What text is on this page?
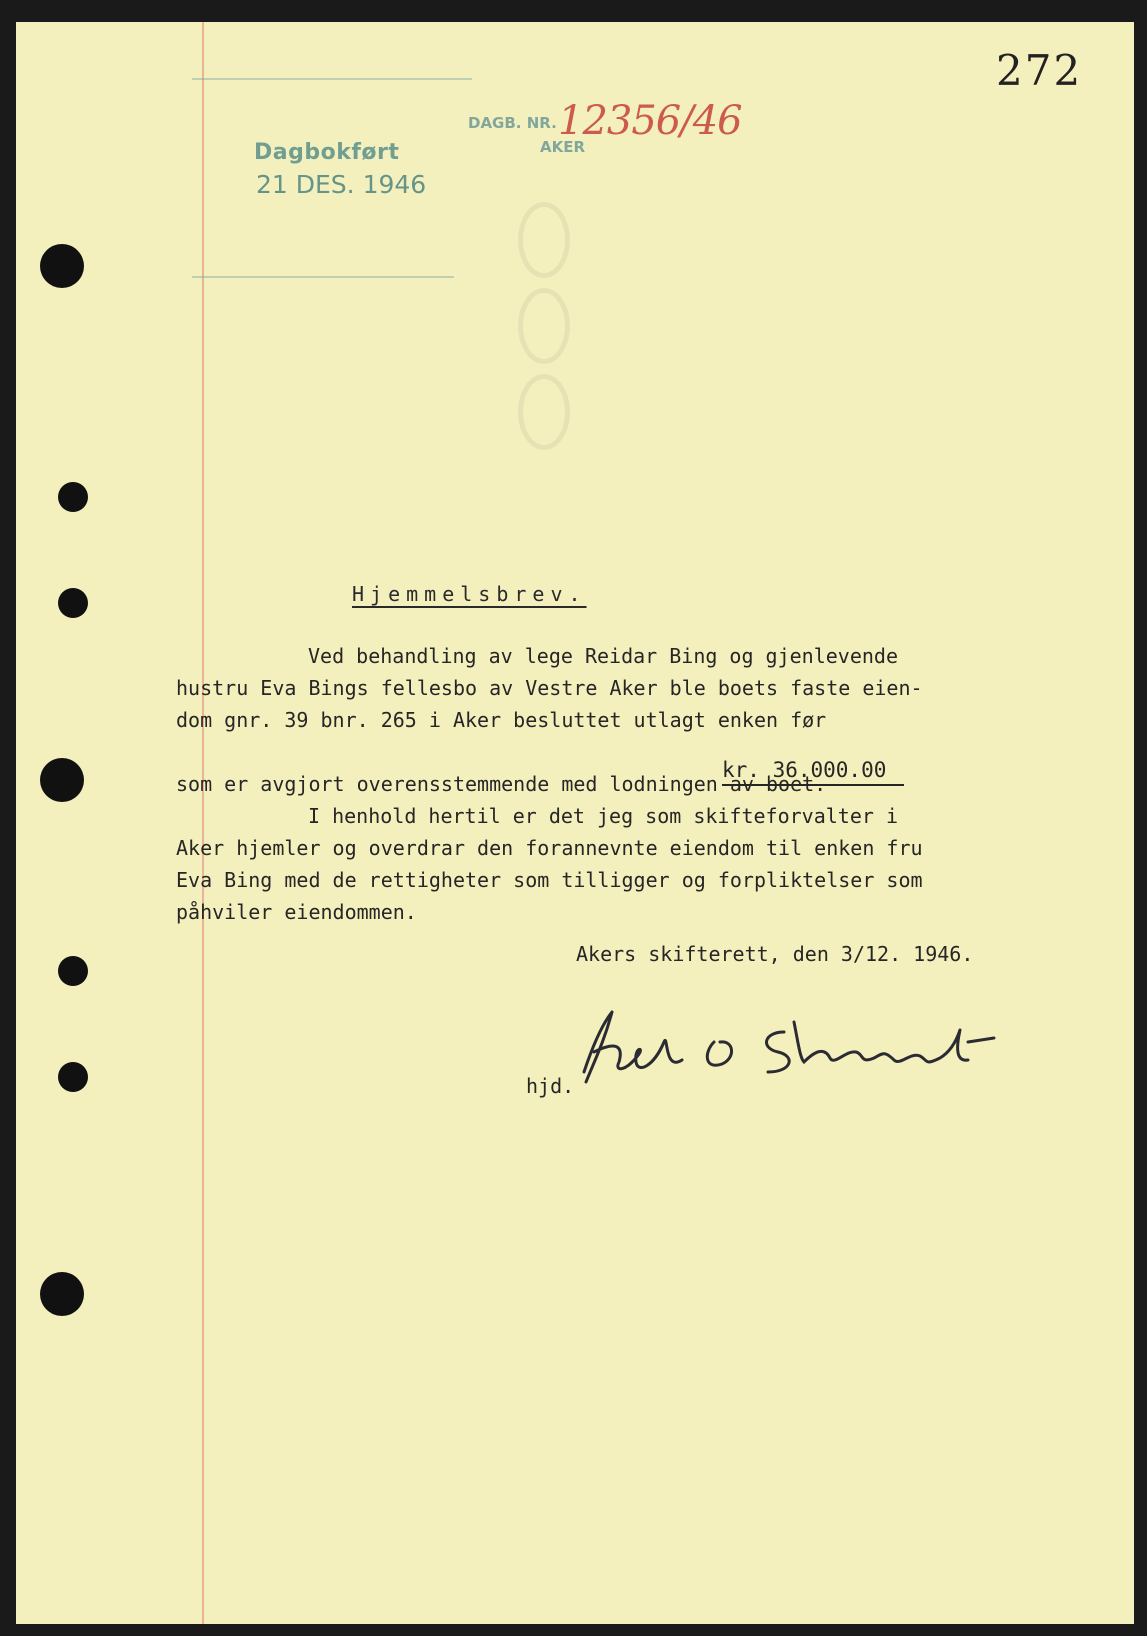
272
Dagbokført
21 DES. 1946
DAGB. NR. 12356/46
AKER
Hjemmelsbrev.
Ved behandling av lege Reidar Bing og gjenlevende
hustru Eva Bings fellesbo av Vestre Aker ble boets faste eien-
dom gnr. 39 bnr. 265 i Aker besluttet utlagt enken før
kr. 36.000.00
som er avgjort overensstemmende med lodningen av boet.
I henhold hertil er det jeg som skifteforvalter i
Aker hjemler og overdrar den forannevnte eiendom til enken fru
Eva Bing med de rettigheter som tilligger og forpliktelser som
påhviler eiendommen.
Akers skifterett, den 3/12. 1946.
hjd.
